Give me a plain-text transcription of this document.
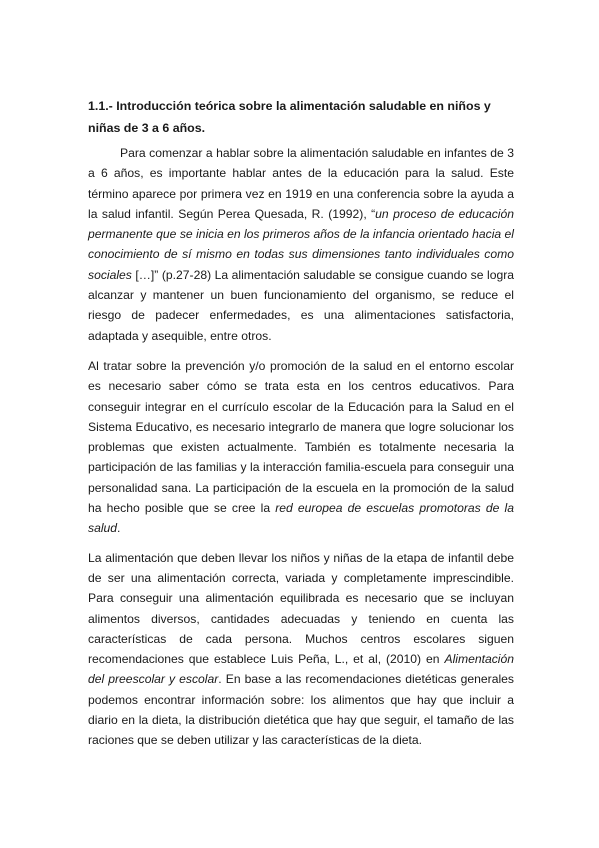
1.1.- Introducción teórica sobre la alimentación saludable en niños y niñas de 3 a 6 años.

Para comenzar a hablar sobre la alimentación saludable en infantes de 3 a 6 años, es importante hablar antes de la educación para la salud. Este término aparece por primera vez en 1919 en una conferencia sobre la ayuda a la salud infantil. Según Perea Quesada, R. (1992), “un proceso de educación permanente que se inicia en los primeros años de la infancia orientado hacia el conocimiento de sí mismo en todas sus dimensiones tanto individuales como sociales […]” (p.27-28) La alimentación saludable se consigue cuando se logra alcanzar y mantener un buen funcionamiento del organismo, se reduce el riesgo de padecer enfermedades, es una alimentaciones satisfactoria, adaptada y asequible, entre otros.

Al tratar sobre la prevención y/o promoción de la salud en el entorno escolar es necesario saber cómo se trata esta en los centros educativos. Para conseguir integrar en el currículo escolar de la Educación para la Salud en el Sistema Educativo, es necesario integrarlo de manera que logre solucionar los problemas que existen actualmente. También es totalmente necesaria la participación de las familias y la interacción familia-escuela para conseguir una personalidad sana. La participación de la escuela en la promoción de la salud ha hecho posible que se cree la red europea de escuelas promotoras de la salud.

La alimentación que deben llevar los niños y niñas de la etapa de infantil debe de ser una alimentación correcta, variada y completamente imprescindible. Para conseguir una alimentación equilibrada es necesario que se incluyan alimentos diversos, cantidades adecuadas y teniendo en cuenta las características de cada persona. Muchos centros escolares siguen recomendaciones que establece Luis Peña, L., et al, (2010) en Alimentación del preescolar y escolar. En base a las recomendaciones dietéticas generales podemos encontrar información sobre: los alimentos que hay que incluir a diario en la dieta, la distribución dietética que hay que seguir, el tamaño de las raciones que se deben utilizar y las características de la dieta.
